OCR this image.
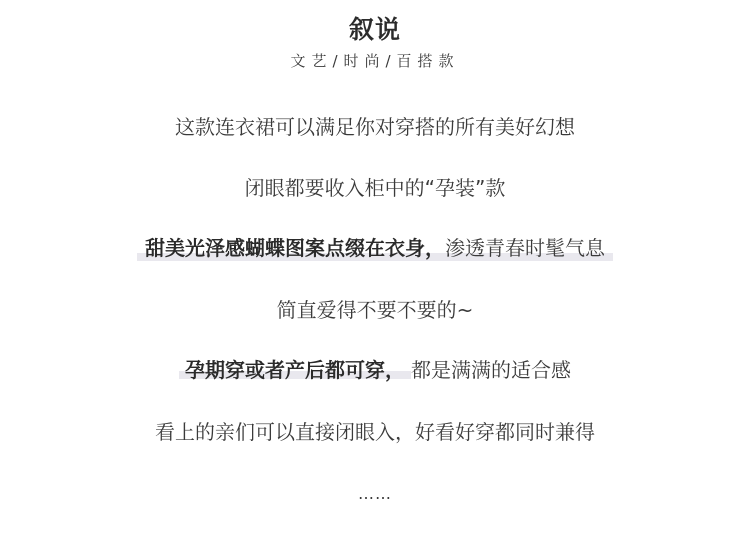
叙说
文艺/时尚/百搭款
这款连衣裙可以满足你对穿搭的所有美好幻想
闭眼都要收入柜中的“孕装”款
甜美光泽感蝴蝶图案点缀在衣身，渗透青春时髦气息
简直爱得不要不要的~
孕期穿或者产后都可穿， 都是满满的适合感
看上的亲们可以直接闭眼入，好看好穿都同时兼得
……
